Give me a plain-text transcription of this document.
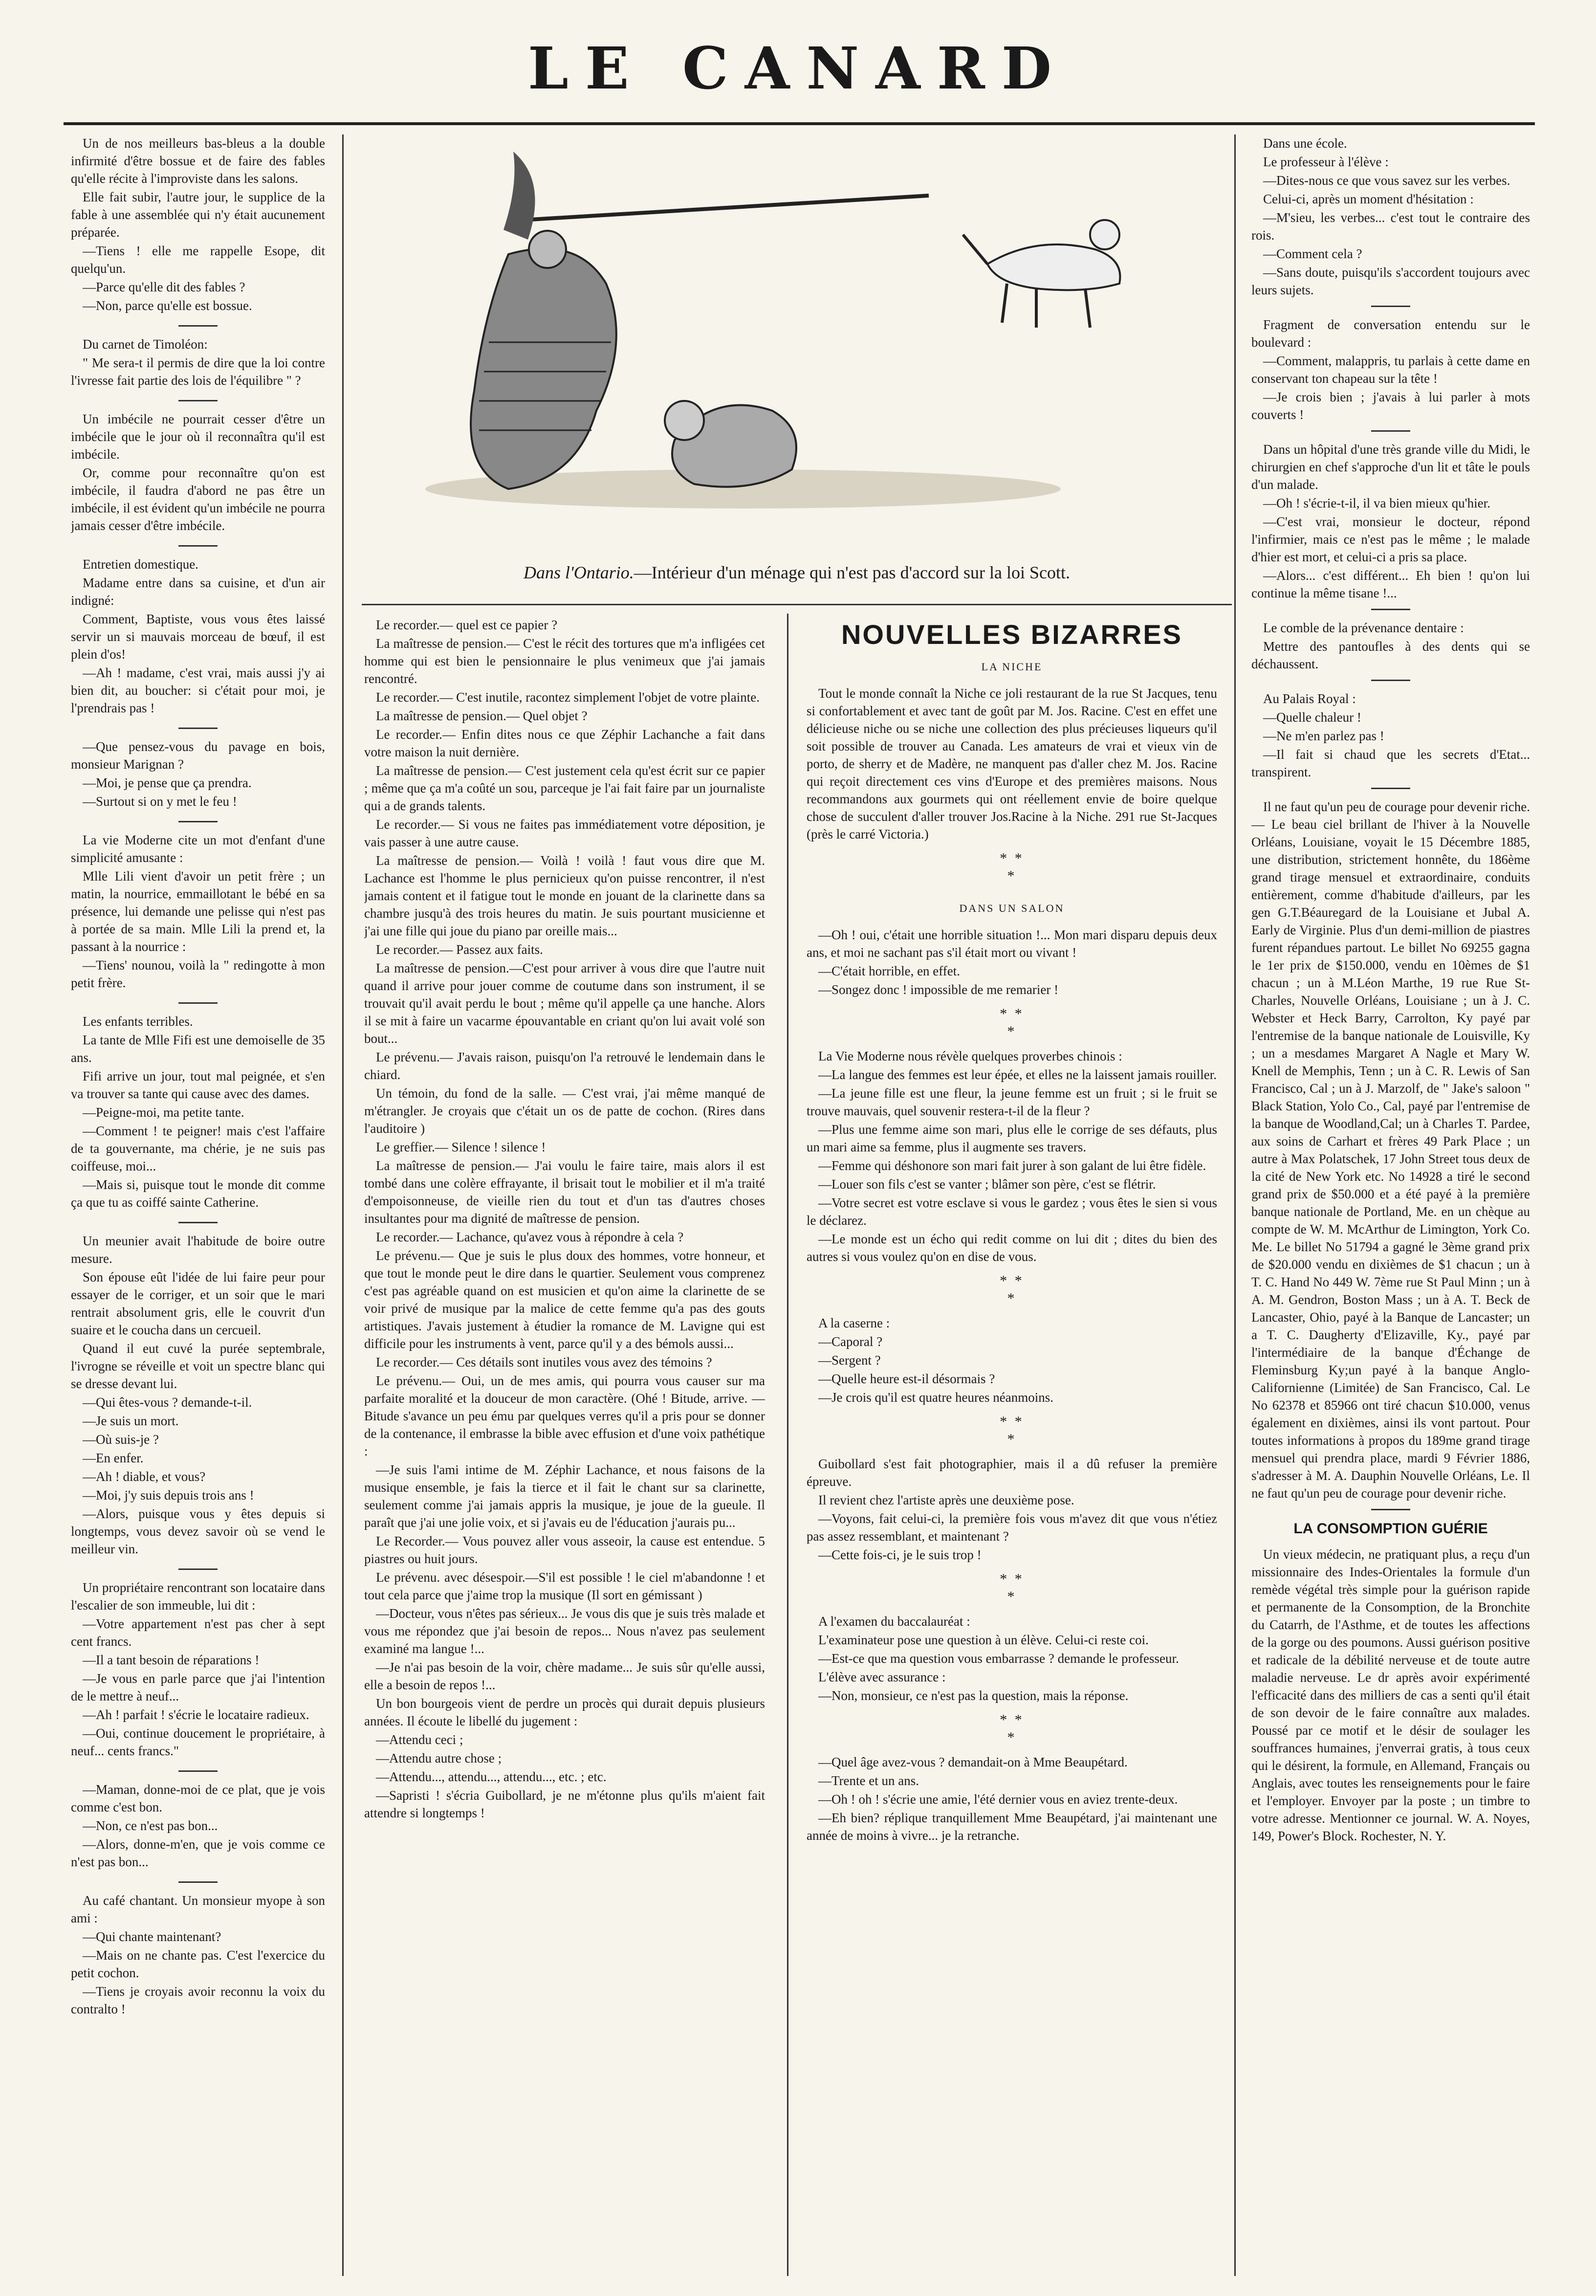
LE CANARD

Un de nos meilleurs bas-bleus a la double infirmité d'être bossue et de faire des fables qu'elle récite à l'improviste dans les salons.

Elle fait subir, l'autre jour, le supplice de la fable à une assemblée qui n'y était aucunement préparée.

—Tiens ! elle me rappelle Esope, dit quelqu'un.

—Parce qu'elle dit des fables ?

—Non, parce qu'elle est bossue.

Du carnet de Timoléon:

" Me sera-t il permis de dire que la loi contre l'ivresse fait partie des lois de l'équilibre " ?

Un imbécile ne pourrait cesser d'être un imbécile que le jour où il reconnaîtra qu'il est imbécile.

Or, comme pour reconnaître qu'on est imbécile, il faudra d'abord ne pas être un imbécile, il est évident qu'un imbécile ne pourra jamais cesser d'être imbécile.

Entretien domestique.

Madame entre dans sa cuisine, et d'un air indigné:

Comment, Baptiste, vous vous êtes laissé servir un si mauvais morceau de bœuf, il est plein d'os!

—Ah ! madame, c'est vrai, mais aussi j'y ai bien dit, au boucher: si c'était pour moi, je l'prendrais pas !

—Que pensez-vous du pavage en bois, monsieur Marignan ?

—Moi, je pense que ça prendra.

—Surtout si on y met le feu !

La vie Moderne cite un mot d'enfant d'une simplicité amusante :

Mlle Lili vient d'avoir un petit frère ; un matin, la nourrice, emmaillotant le bébé en sa présence, lui demande une pelisse qui n'est pas à portée de sa main. Mlle Lili la prend et, la passant à la nourrice :

—Tiens' nounou, voilà la " redingotte à mon petit frère.

Les enfants terribles.

La tante de Mlle Fifi est une demoiselle de 35 ans.

Fifi arrive un jour, tout mal peignée, et s'en va trouver sa tante qui cause avec des dames.

—Peigne-moi, ma petite tante.

—Comment ! te peigner! mais c'est l'affaire de ta gouvernante, ma chérie, je ne suis pas coiffeuse, moi...

—Mais si, puisque tout le monde dit comme ça que tu as coiffé sainte Catherine.

Un meunier avait l'habitude de boire outre mesure.

Son épouse eût l'idée de lui faire peur pour essayer de le corriger, et un soir que le mari rentrait absolument gris, elle le couvrit d'un suaire et le coucha dans un cercueil.

Quand il eut cuvé la purée septembrale, l'ivrogne se réveille et voit un spectre blanc qui se dresse devant lui.

—Qui êtes-vous ? demande-t-il.

—Je suis un mort.

—Où suis-je ?

—En enfer.

—Ah ! diable, et vous?

—Moi, j'y suis depuis trois ans !

—Alors, puisque vous y êtes depuis si longtemps, vous devez savoir où se vend le meilleur vin.

Un propriétaire rencontrant son locataire dans l'escalier de son immeuble, lui dit :

—Votre appartement n'est pas cher à sept cent francs.

—Il a tant besoin de réparations !

—Je vous en parle parce que j'ai l'intention de le mettre à neuf...

—Ah ! parfait ! s'écrie le locataire radieux.

—Oui, continue doucement le propriétaire, à neuf... cents francs."

—Maman, donne-moi de ce plat, que je vois comme c'est bon.

—Non, ce n'est pas bon...

—Alors, donne-m'en, que je vois comme ce n'est pas bon...

Au café chantant. Un monsieur myope à son ami :

—Qui chante maintenant?

—Mais on ne chante pas. C'est l'exercice du petit cochon.

—Tiens je croyais avoir reconnu la voix du contralto !

Dans l'Ontario.—Intérieur d'un ménage qui n'est pas d'accord sur la loi Scott.

Le recorder.— quel est ce papier ?

La maîtresse de pension.— C'est le récit des tortures que m'a infligées cet homme qui est bien le pensionnaire le plus venimeux que j'ai jamais rencontré.

Le recorder.— C'est inutile, racontez simplement l'objet de votre plainte.

La maîtresse de pension.— Quel objet ?

Le recorder.— Enfin dites nous ce que Zéphir Lachanche a fait dans votre maison la nuit dernière.

La maîtresse de pension.— C'est justement cela qu'est écrit sur ce papier ; même que ça m'a coûté un sou, parceque je l'ai fait faire par un journaliste qui a de grands talents.

Le recorder.— Si vous ne faites pas immédiatement votre déposition, je vais passer à une autre cause.

La maîtresse de pension.— Voilà ! voilà ! faut vous dire que M. Lachance est l'homme le plus pernicieux qu'on puisse rencontrer, il n'est jamais content et il fatigue tout le monde en jouant de la clarinette dans sa chambre jusqu'à des trois heures du matin. Je suis pourtant musicienne et j'ai une fille qui joue du piano par oreille mais...

Le recorder.— Passez aux faits.

La maîtresse de pension.—C'est pour arriver à vous dire que l'autre nuit quand il arrive pour jouer comme de coutume dans son instrument, il se trouvait qu'il avait perdu le bout ; même qu'il appelle ça une hanche. Alors il se mit à faire un vacarme épouvantable en criant qu'on lui avait volé son bout...

Le prévenu.— J'avais raison, puisqu'on l'a retrouvé le lendemain dans le chiard.

Un témoin, du fond de la salle. — C'est vrai, j'ai même manqué de m'étrangler. Je croyais que c'était un os de patte de cochon. (Rires dans l'auditoire )

Le greffier.— Silence ! silence !

La maîtresse de pension.— J'ai voulu le faire taire, mais alors il est tombé dans une colère effrayante, il brisait tout le mobilier et il m'a traité d'empoisonneuse, de vieille rien du tout et d'un tas d'autres choses insultantes pour ma dignité de maîtresse de pension.

Le recorder.— Lachance, qu'avez vous à répondre à cela ?

Le prévenu.— Que je suis le plus doux des hommes, votre honneur, et que tout le monde peut le dire dans le quartier. Seulement vous comprenez c'est pas agréable quand on est musicien et qu'on aime la clarinette de se voir privé de musique par la malice de cette femme qu'a pas des gouts artistiques. J'avais justement à étudier la romance de M. Lavigne qui est difficile pour les instruments à vent, parce qu'il y a des bémols aussi...

Le recorder.— Ces détails sont inutiles vous avez des témoins ?

Le prévenu.— Oui, un de mes amis, qui pourra vous causer sur ma parfaite moralité et la douceur de mon caractère. (Ohé ! Bitude, arrive. — Bitude s'avance un peu ému par quelques verres qu'il a pris pour se donner de la contenance, il embrasse la bible avec effusion et d'une voix pathétique :

—Je suis l'ami intime de M. Zéphir Lachance, et nous faisons de la musique ensemble, je fais la tierce et il fait le chant sur sa clarinette, seulement comme j'ai jamais appris la musique, je joue de la gueule. Il paraît que j'ai une jolie voix, et si j'avais eu de l'éducation j'aurais pu...

Le Recorder.— Vous pouvez aller vous asseoir, la cause est entendue. 5 piastres ou huit jours.

Le prévenu. avec désespoir.—S'il est possible ! le ciel m'abandonne ! et tout cela parce que j'aime trop la musique (Il sort en gémissant )

—Docteur, vous n'êtes pas sérieux... Je vous dis que je suis très malade et vous me répondez que j'ai besoin de repos... Nous n'avez pas seulement examiné ma langue !...

—Je n'ai pas besoin de la voir, chère madame... Je suis sûr qu'elle aussi, elle a besoin de repos !...

Un bon bourgeois vient de perdre un procès qui durait depuis plusieurs années. Il écoute le libellé du jugement :

—Attendu ceci ;

—Attendu autre chose ;

—Attendu..., attendu..., attendu..., etc. ; etc.

—Sapristi ! s'écria Guibollard, je ne m'étonne plus qu'ils m'aient fait attendre si longtemps !

NOUVELLES BIZARRES
LA NICHE

Tout le monde connaît la Niche ce joli restaurant de la rue St Jacques, tenu si confortablement et avec tant de goût par M. Jos. Racine. C'est en effet une délicieuse niche ou se niche une collection des plus précieuses liqueurs qu'il soit possible de trouver au Canada. Les amateurs de vrai et vieux vin de porto, de sherry et de Madère, ne manquent pas d'aller chez M. Jos. Racine qui reçoit directement ces vins d'Europe et des premières maisons. Nous recommandons aux gourmets qui ont réellement envie de boire quelque chose de succulent d'aller trouver Jos.Racine à la Niche. 291 rue St-Jacques (près le carré Victoria.)

* *
*
DANS UN SALON

—Oh ! oui, c'était une horrible situation !... Mon mari disparu depuis deux ans, et moi ne sachant pas s'il était mort ou vivant !

—C'était horrible, en effet.

—Songez donc ! impossible de me remarier !

* *
*

La Vie Moderne nous révèle quelques proverbes chinois :

—La langue des femmes est leur épée, et elles ne la laissent jamais rouiller.

—La jeune fille est une fleur, la jeune femme est un fruit ; si le fruit se trouve mauvais, quel souvenir restera-t-il de la fleur ?

—Plus une femme aime son mari, plus elle le corrige de ses défauts, plus un mari aime sa femme, plus il augmente ses travers.

—Femme qui déshonore son mari fait jurer à son galant de lui être fidèle.

—Louer son fils c'est se vanter ; blâmer son père, c'est se flétrir.

—Votre secret est votre esclave si vous le gardez ; vous êtes le sien si vous le déclarez.

—Le monde est un écho qui redit comme on lui dit ; dites du bien des autres si vous voulez qu'on en dise de vous.

* *
*

A la caserne :

—Caporal ?

—Sergent ?

—Quelle heure est-il désormais ?

—Je crois qu'il est quatre heures néanmoins.

* *
*

Guibollard s'est fait photographier, mais il a dû refuser la première épreuve.

Il revient chez l'artiste après une deuxième pose.

—Voyons, fait celui-ci, la première fois vous m'avez dit que vous n'étiez pas assez ressemblant, et maintenant ?

—Cette fois-ci, je le suis trop !

* *
*

A l'examen du baccalauréat :

L'examinateur pose une question à un élève. Celui-ci reste coi.

—Est-ce que ma question vous embarrasse ? demande le professeur.

L'élève avec assurance :

—Non, monsieur, ce n'est pas la question, mais la réponse.

* *
*

—Quel âge avez-vous ? demandait-on à Mme Beaupétard.

—Trente et un ans.

—Oh ! oh ! s'écrie une amie, l'été dernier vous en aviez trente-deux.

—Eh bien? réplique tranquillement Mme Beaupétard, j'ai maintenant une année de moins à vivre... je la retranche.

Dans une école.

Le professeur à l'élève :

—Dites-nous ce que vous savez sur les verbes.

Celui-ci, après un moment d'hésitation :

—M'sieu, les verbes... c'est tout le contraire des rois.

—Comment cela ?

—Sans doute, puisqu'ils s'accordent toujours avec leurs sujets.

Fragment de conversation entendu sur le boulevard :

—Comment, malappris, tu parlais à cette dame en conservant ton chapeau sur la tête !

—Je crois bien ; j'avais à lui parler à mots couverts !

Dans un hôpital d'une très grande ville du Midi, le chirurgien en chef s'approche d'un lit et tâte le pouls d'un malade.

—Oh ! s'écrie-t-il, il va bien mieux qu'hier.

—C'est vrai, monsieur le docteur, répond l'infirmier, mais ce n'est pas le même ; le malade d'hier est mort, et celui-ci a pris sa place.

—Alors... c'est différent... Eh bien ! qu'on lui continue la même tisane !...

Le comble de la prévenance dentaire :

Mettre des pantoufles à des dents qui se déchaussent.

Au Palais Royal :

—Quelle chaleur !

—Ne m'en parlez pas !

—Il fait si chaud que les secrets d'Etat... transpirent.

Il ne faut qu'un peu de courage pour devenir riche.— Le beau ciel brillant de l'hiver à la Nouvelle Orléans, Louisiane, voyait le 15 Décembre 1885, une distribution, strictement honnête, du 186ème grand tirage mensuel et extraordinaire, conduits entièrement, comme d'habitude d'ailleurs, par les gen G.T.Béauregard de la Louisiane et Jubal A. Early de Virginie. Plus d'un demi-million de piastres furent répandues partout. Le billet No 69255 gagna le 1er prix de $150.000, vendu en 10èmes de $1 chacun ; un à M.Léon Marthe, 19 rue Rue St-Charles, Nouvelle Orléans, Louisiane ; un à J. C. Webster et Heck Barry, Carrolton, Ky payé par l'entremise de la banque nationale de Louisville, Ky ; un a mesdames Margaret A Nagle et Mary W. Knell de Memphis, Tenn ; un à C. R. Lewis of San Francisco, Cal ; un à J. Marzolf, de " Jake's saloon " Black Station, Yolo Co., Cal, payé par l'entremise de la banque de Woodland,Cal; un à Charles T. Pardee, aux soins de Carhart et frères 49 Park Place ; un autre à Max Polatschek, 17 John Street tous deux de la cité de New York etc. No 14928 a tiré le second grand prix de $50.000 et a été payé à la première banque nationale de Portland, Me. en un chèque au compte de W. M. McArthur de Limington, York Co. Me. Le billet No 51794 a gagné le 3ème grand prix de $20.000 vendu en dixièmes de $1 chacun ; un à T. C. Hand No 449 W. 7ème rue St Paul Minn ; un à A. M. Gendron, Boston Mass ; un à A. T. Beck de Lancaster, Ohio, payé à la Banque de Lancaster; un a T. C. Daugherty d'Elizaville, Ky., payé par l'intermédiaire de la banque d'Échange de Fleminsburg Ky;un payé à la banque Anglo-Californienne (Limitée) de San Francisco, Cal. Le No 62378 et 85966 ont tiré chacun $10.000, venus également en dixièmes, ainsi ils vont partout. Pour toutes informations à propos du 189me grand tirage mensuel qui prendra place, mardi 9 Février 1886, s'adresser à M. A. Dauphin Nouvelle Orléans, Le. Il ne faut qu'un peu de courage pour devenir riche.

LA CONSOMPTION GUÉRIE

Un vieux médecin, ne pratiquant plus, a reçu d'un missionnaire des Indes-Orientales la formule d'un remède végétal très simple pour la guérison rapide et permanente de la Consomption, de la Bronchite du Catarrh, de l'Asthme, et de toutes les affections de la gorge ou des poumons. Aussi guérison positive et radicale de la débilité nerveuse et de toute autre maladie nerveuse. Le dr après avoir expérimenté l'efficacité dans des milliers de cas a senti qu'il était de son devoir de le faire connaître aux malades. Poussé par ce motif et le désir de soulager les souffrances humaines, j'enverrai gratis, à tous ceux qui le désirent, la formule, en Allemand, Français ou Anglais, avec toutes les renseignements pour le faire et l'employer. Envoyer par la poste ; un timbre to votre adresse. Mentionner ce journal. W. A. Noyes, 149, Power's Block. Rochester, N. Y.
